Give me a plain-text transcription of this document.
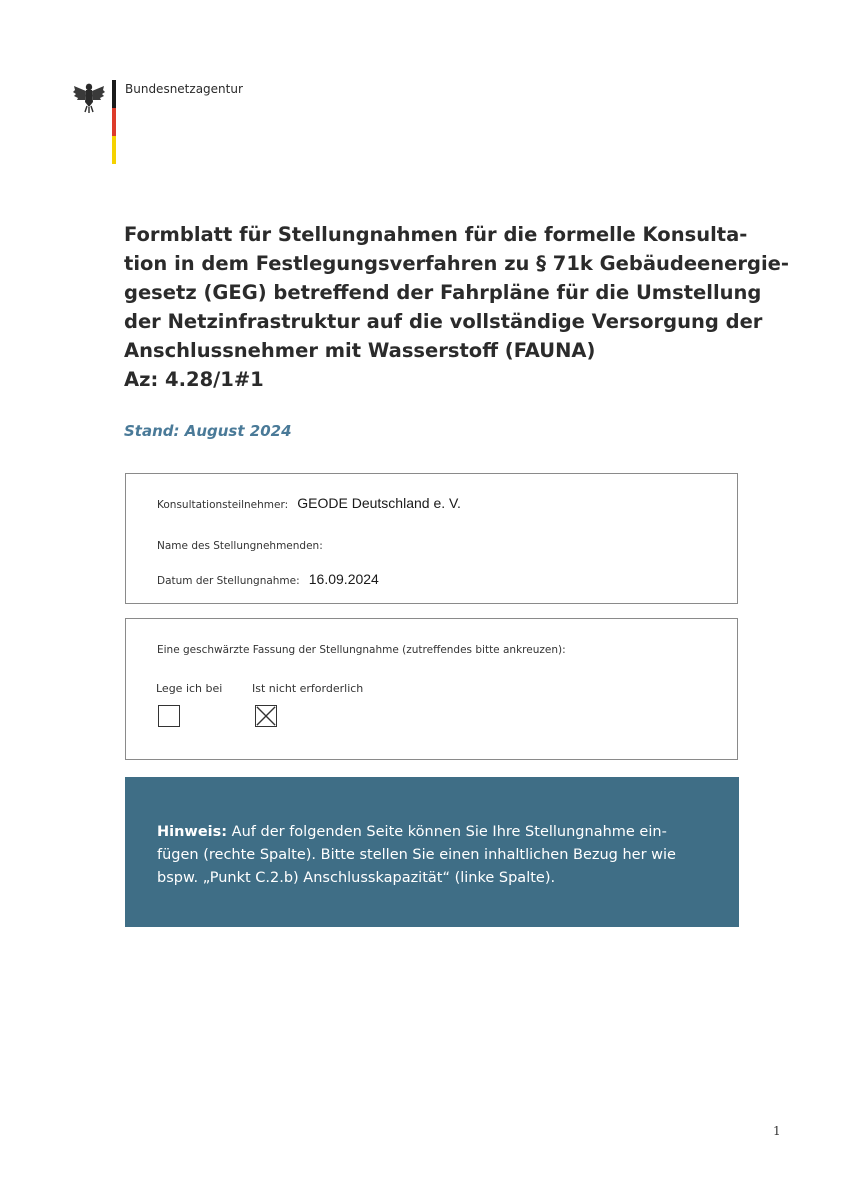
Bundesnetzagentur
Formblatt für Stellungnahmen für die formelle Konsulta-
tion in dem Festlegungsverfahren zu § 71k Gebäudeenergie-
gesetz (GEG) betreffend der Fahrpläne für die Umstellung
der Netzinfrastruktur auf die vollständige Versorgung der
Anschlussnehmer mit Wasserstoff (FAUNA)
Az: 4.28/1#1
Stand: August 2024
Konsultationsteilnehmer: GEODE Deutschland e. V.
Name des Stellungnehmenden:
Datum der Stellungnahme: 16.09.2024
Eine geschwärzte Fassung der Stellungnahme (zutreffendes bitte ankreuzen):
Lege ich bei	Ist nicht erforderlich
Hinweis: Auf der folgenden Seite können Sie Ihre Stellungnahme ein-
fügen (rechte Spalte). Bitte stellen Sie einen inhaltlichen Bezug her wie
bspw. „Punkt C.2.b) Anschlusskapazität“ (linke Spalte).
1
